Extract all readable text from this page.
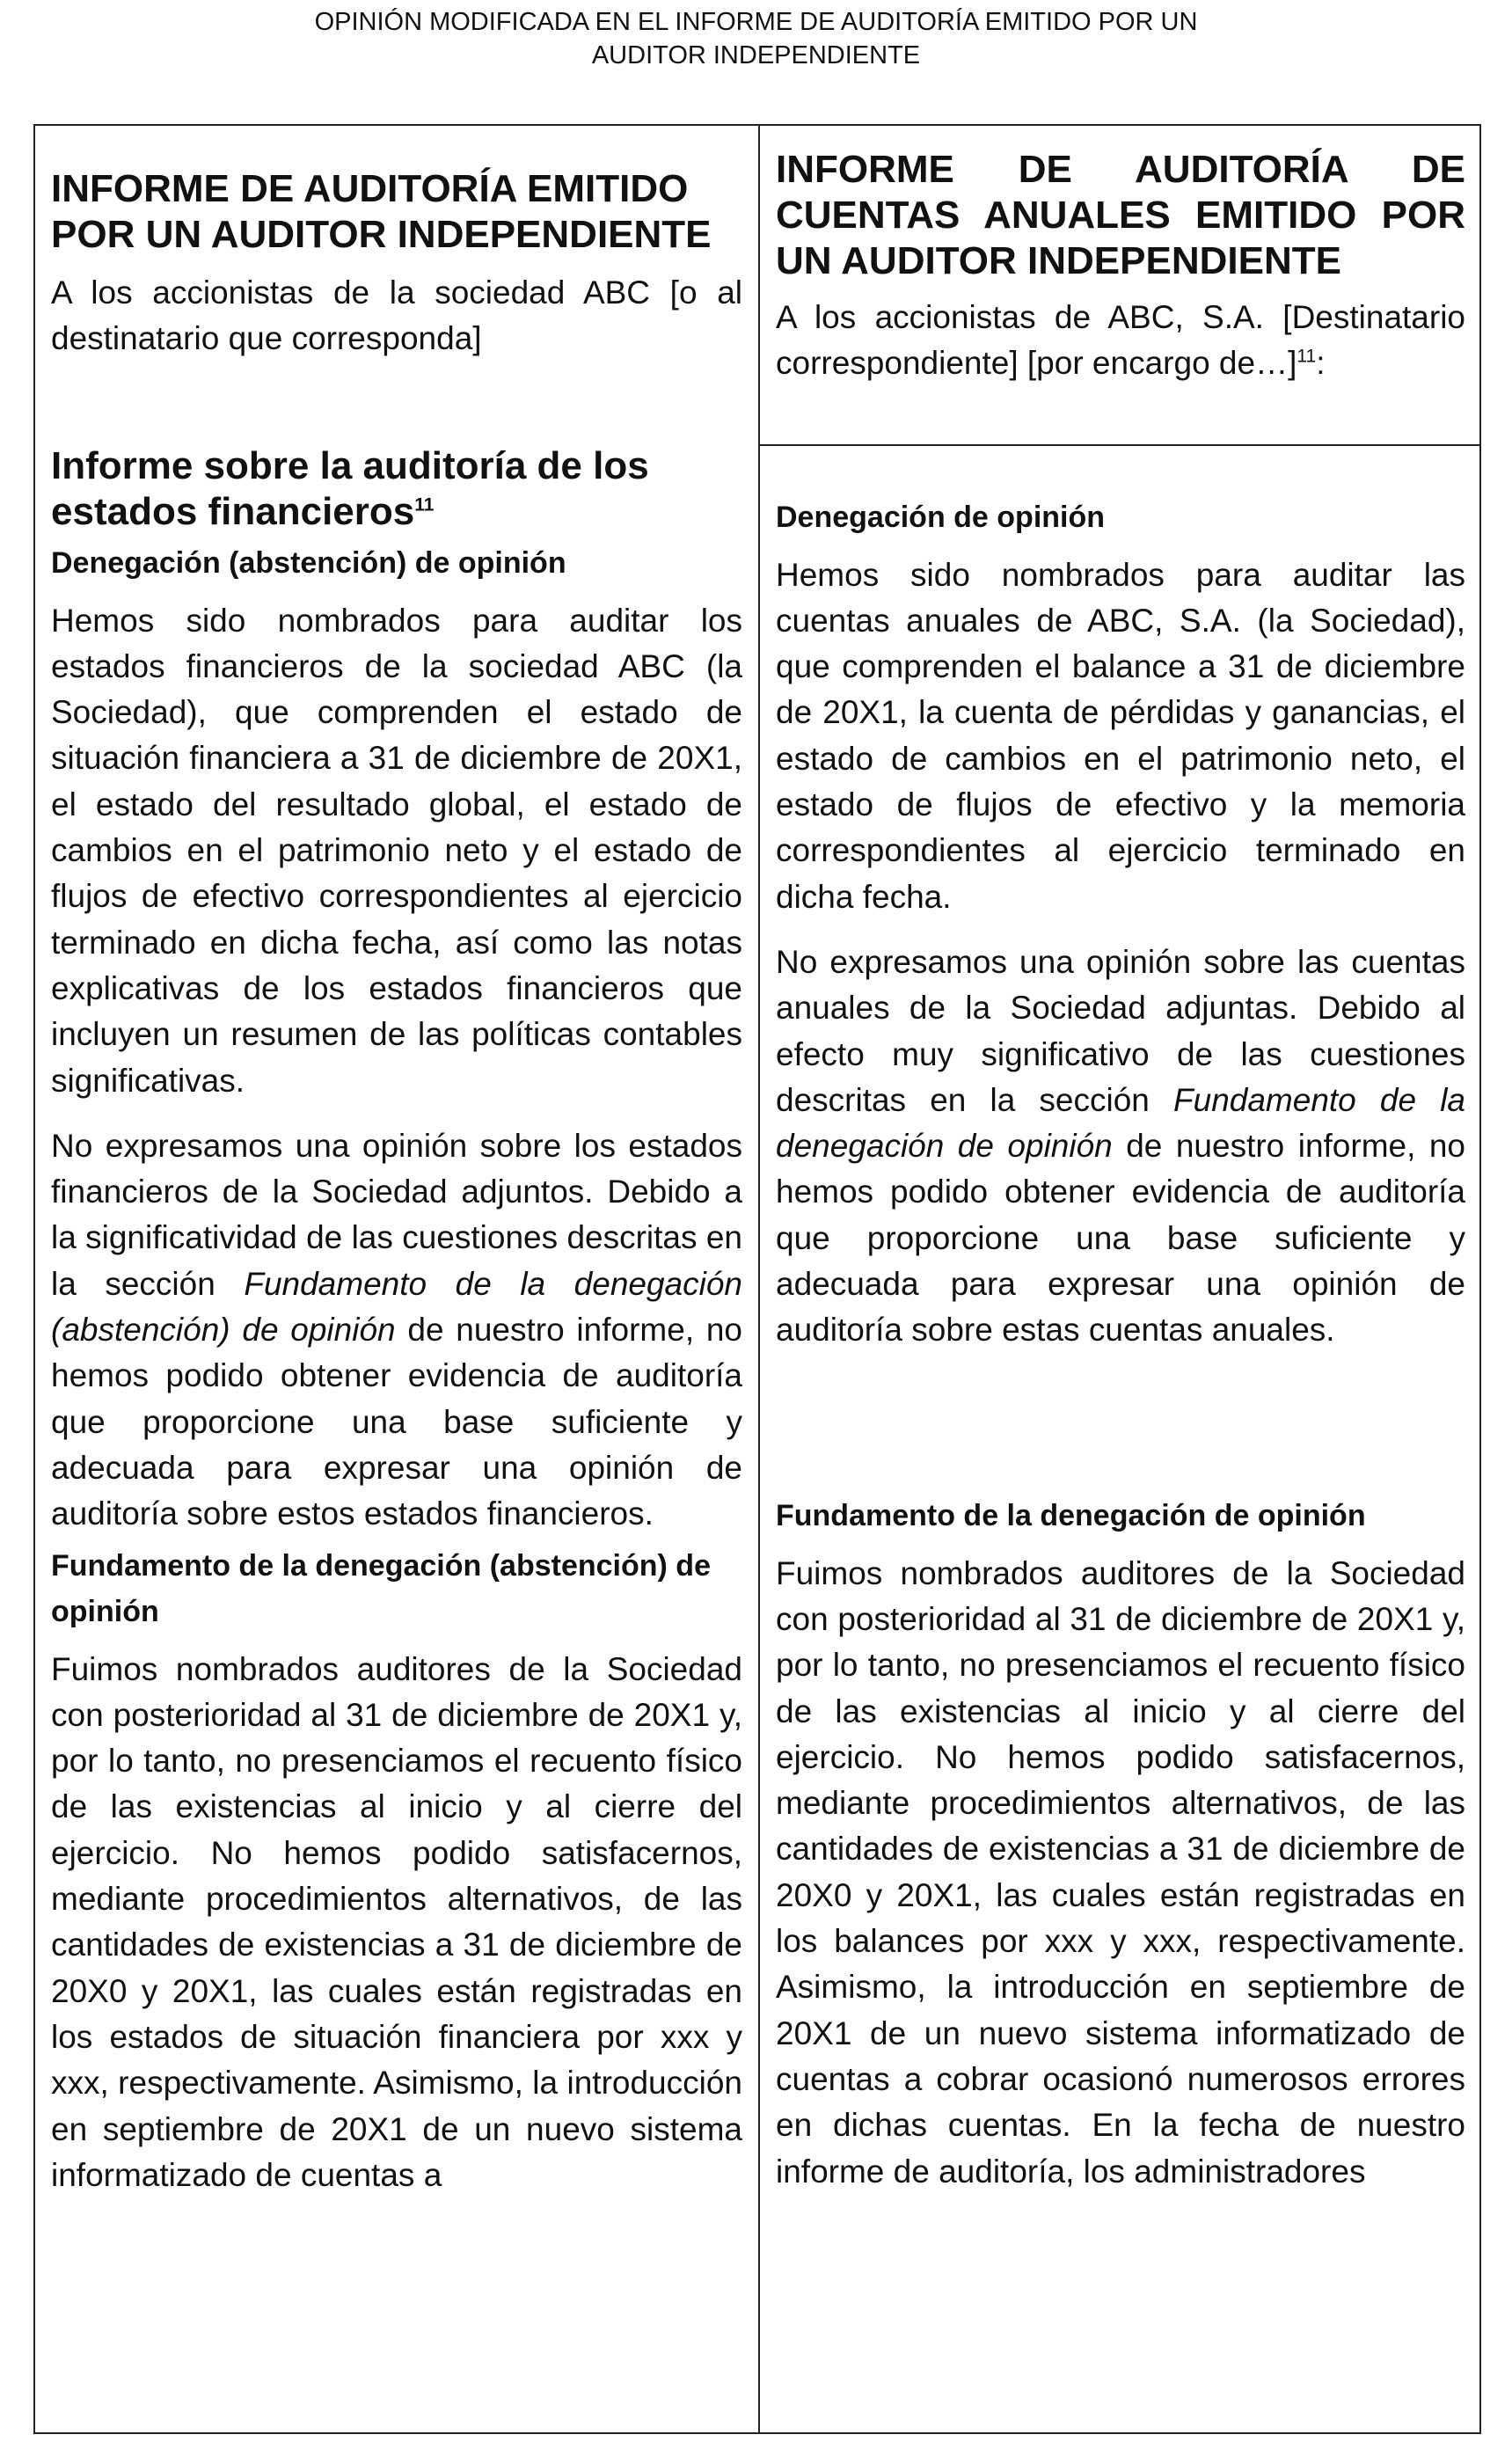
OPINIÓN MODIFICADA EN EL INFORME DE AUDITORÍA EMITIDO POR UN
AUDITOR INDEPENDIENTE
INFORME DE AUDITORÍA EMITIDO POR UN AUDITOR INDEPENDIENTE

A los accionistas de la sociedad ABC [o al destinatario que corresponda]

Informe sobre la auditoría de los estados financieros$^{11}$
Denegación (abstención) de opinión

Hemos sido nombrados para auditar los estados financieros de la sociedad ABC (la Sociedad), que comprenden el estado de situación financiera a 31 de diciembre de 20X1, el estado del resultado global, el estado de cambios en el patrimonio neto y el estado de flujos de efectivo correspondientes al ejercicio terminado en dicha fecha, así como las notas explicativas de los estados financieros que incluyen un resumen de las políticas contables significativas.

No expresamos una opinión sobre los estados financieros de la Sociedad adjuntos. Debido a la significatividad de las cuestiones descritas en la sección Fundamento de la denegación (abstención) de opinión de nuestro informe, no hemos podido obtener evidencia de auditoría que proporcione una base suficiente y adecuada para expresar una opinión de auditoría sobre estos estados financieros.

Fundamento de la denegación (abstención) de opinión

Fuimos nombrados auditores de la Sociedad con posterioridad al 31 de diciembre de 20X1 y, por lo tanto, no presenciamos el recuento físico de las existencias al inicio y al cierre del ejercicio. No hemos podido satisfacernos, mediante procedimientos alternativos, de las cantidades de existencias a 31 de diciembre de 20X0 y 20X1, las cuales están registradas en los estados de situación financiera por xxx y xxx, respectivamente. Asimismo, la introducción en septiembre de 20X1 de un nuevo sistema informatizado de cuentas a

INFORME DE AUDITORÍA DE CUENTAS ANUALES EMITIDO POR UN AUDITOR INDEPENDIENTE

A los accionistas de ABC, S.A. [Destinatario correspondiente] [por encargo de…]$^{11}$:

Denegación de opinión

Hemos sido nombrados para auditar las cuentas anuales de ABC, S.A. (la Sociedad), que comprenden el balance a 31 de diciembre de 20X1, la cuenta de pérdidas y ganancias, el estado de cambios en el patrimonio neto, el estado de flujos de efectivo y la memoria correspondientes al ejercicio terminado en dicha fecha.

No expresamos una opinión sobre las cuentas anuales de la Sociedad adjuntas. Debido al efecto muy significativo de las cuestiones descritas en la sección Fundamento de la denegación de opinión de nuestro informe, no hemos podido obtener evidencia de auditoría que proporcione una base suficiente y adecuada para expresar una opinión de auditoría sobre estas cuentas anuales.

Fundamento de la denegación de opinión

Fuimos nombrados auditores de la Sociedad con posterioridad al 31 de diciembre de 20X1 y, por lo tanto, no presenciamos el recuento físico de las existencias al inicio y al cierre del ejercicio. No hemos podido satisfacernos, mediante procedimientos alternativos, de las cantidades de existencias a 31 de diciembre de 20X0 y 20X1, las cuales están registradas en los balances por xxx y xxx, respectivamente. Asimismo, la introducción en septiembre de 20X1 de un nuevo sistema informatizado de cuentas a cobrar ocasionó numerosos errores en dichas cuentas. En la fecha de nuestro informe de auditoría, los administradores
